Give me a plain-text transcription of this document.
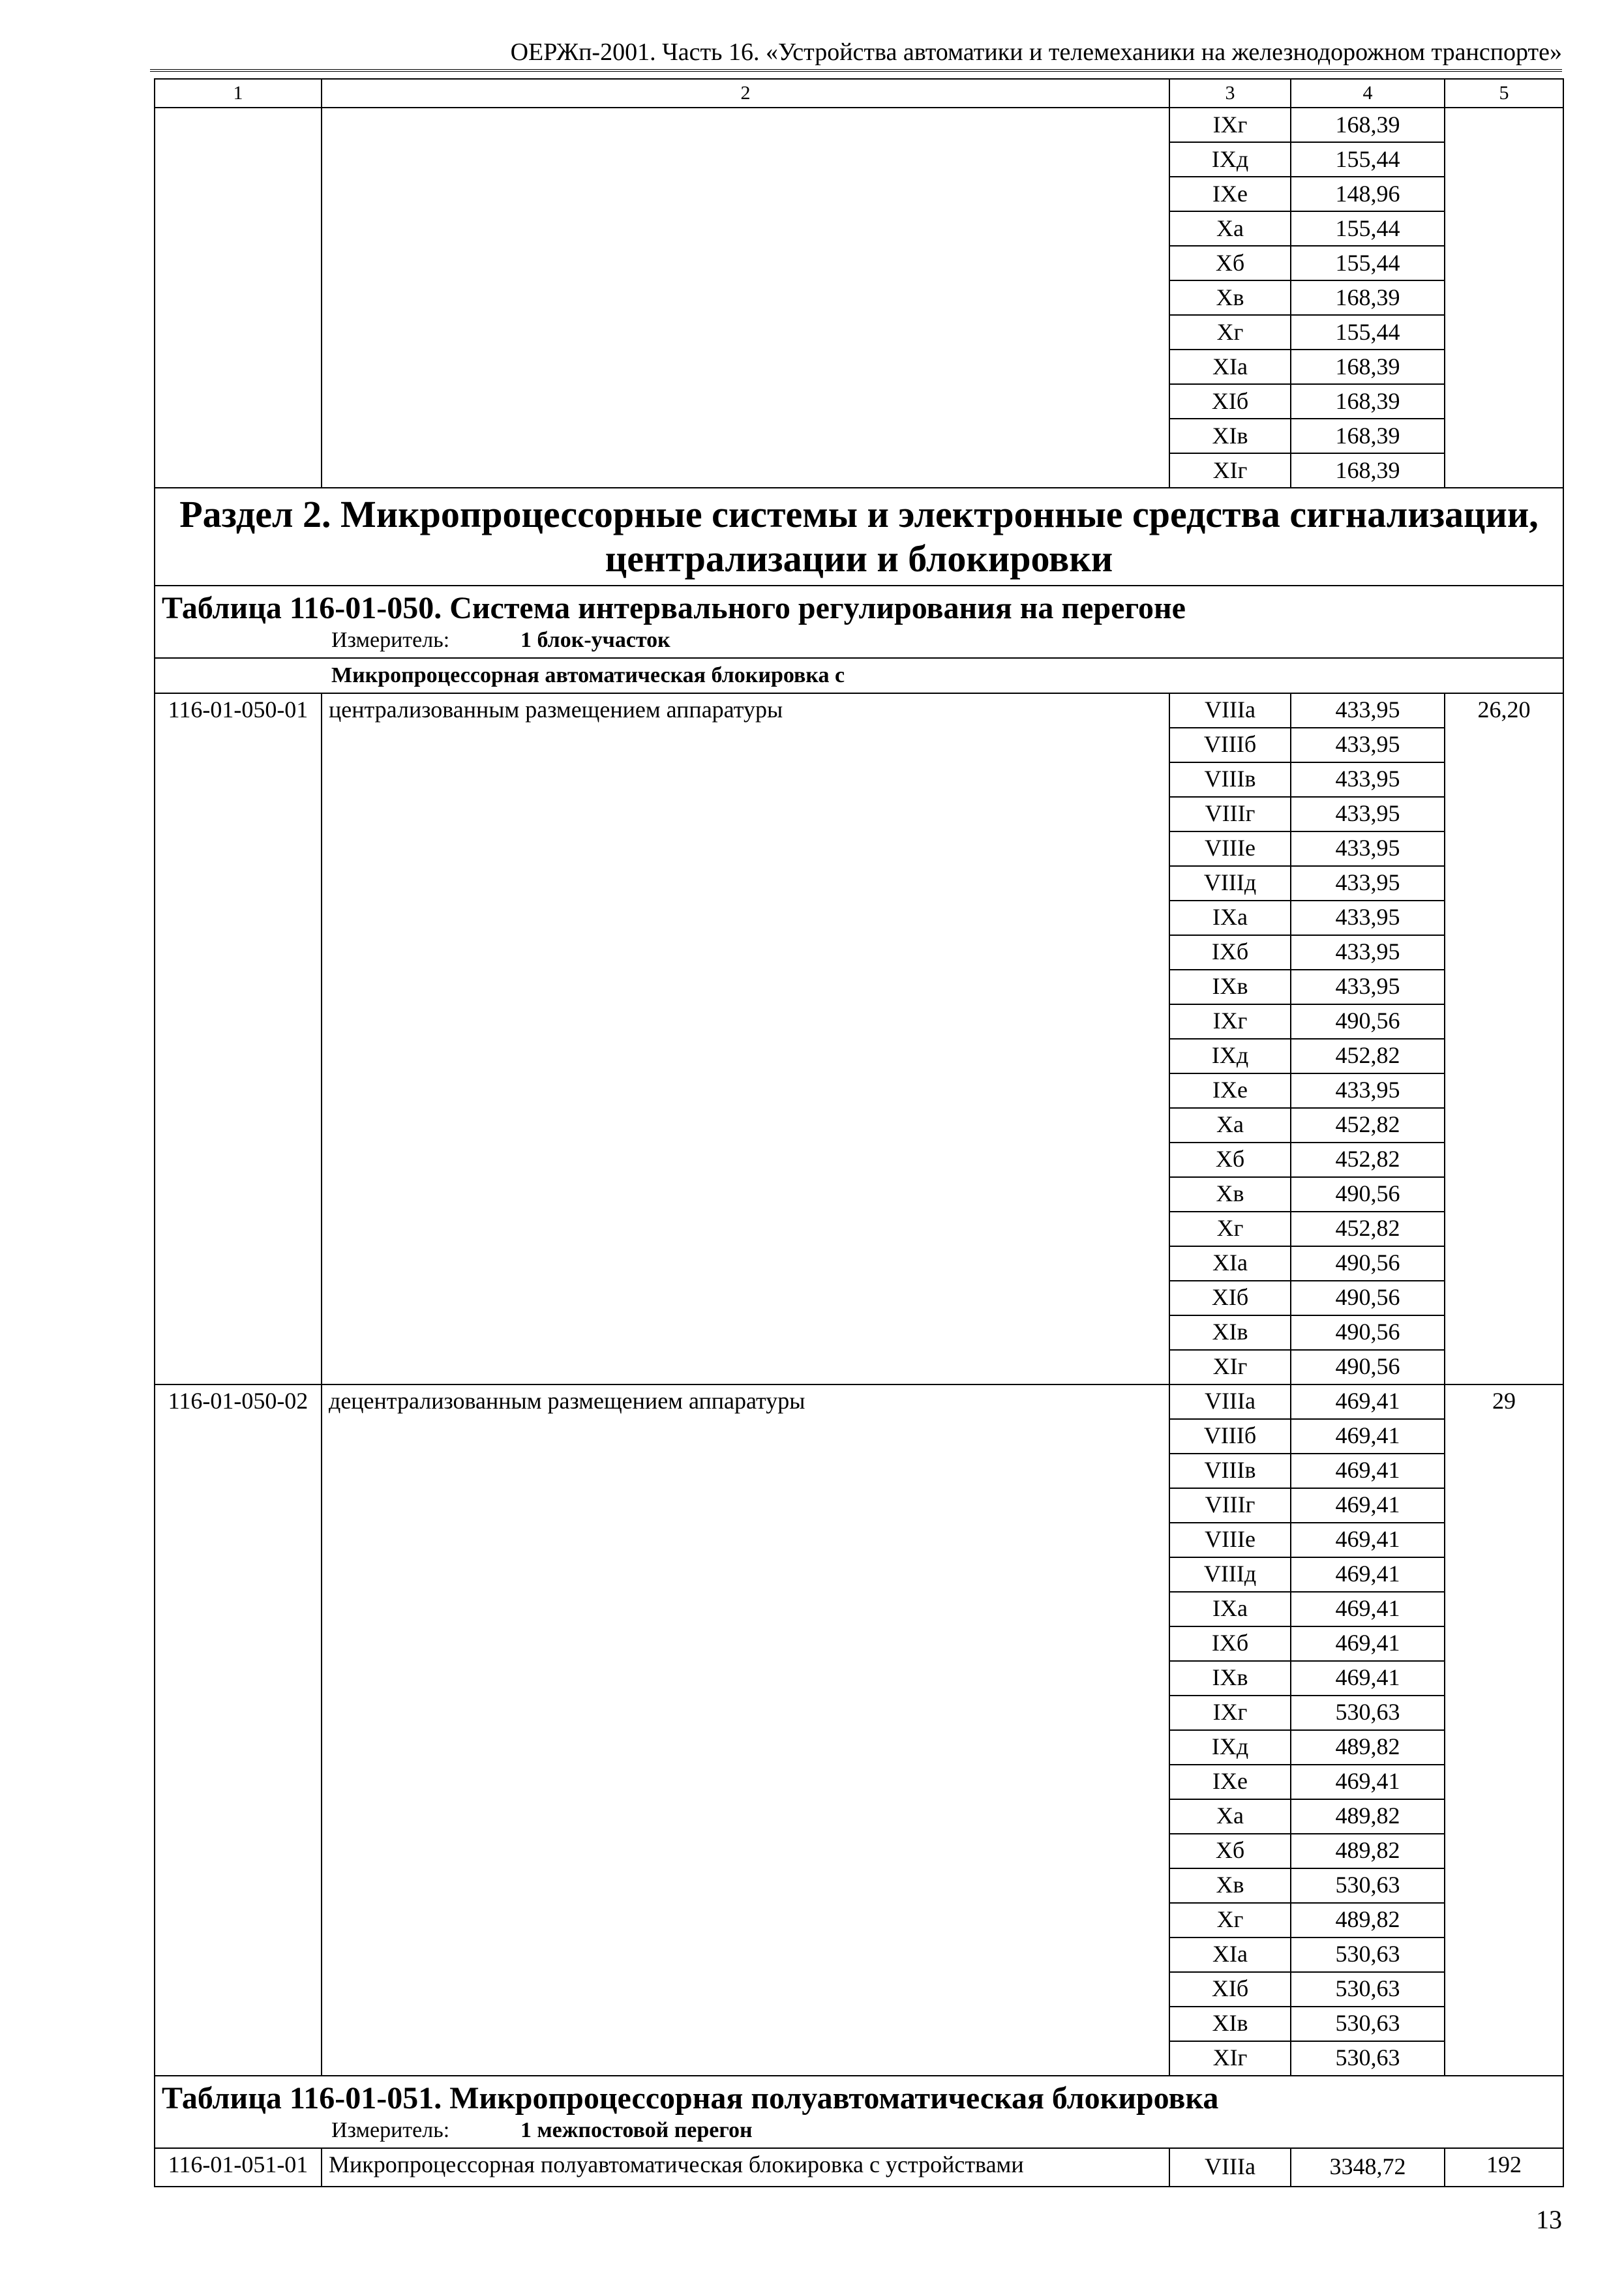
ОЕРЖп-2001. Часть 16. «Устройства автоматики и телемеханики на железнодорожном транспорте»
1	2	3	4	5
		IXг	168,39	
		IXд	155,44	
		IXе	148,96	
		Xa	155,44	
		Xб	155,44	
		Xв	168,39	
		Xг	155,44	
		XIa	168,39	
		XIб	168,39	
		XIв	168,39	
		XIг	168,39	
Раздел 2. Микропроцессорные системы и электронные средства сигнализации, централизации и блокировки				

Таблица 116-01-050. Система интервального регулирования на перегоне
Измеритель: 1 блок-участок				

Микропроцессорная автоматическая блокировка с				
116-01-050-01	централизованным размещением аппаратуры	VIIIa	433,95	26,20
		VIIIб	433,95	
		VIIIв	433,95	
		VIIIг	433,95	
		VIIIе	433,95	
		VIIIд	433,95	
		IXa	433,95	
		IXб	433,95	
		IXв	433,95	
		IXг	490,56	
		IXд	452,82	
		IXе	433,95	
		Xa	452,82	
		Xб	452,82	
		Xв	490,56	
		Xг	452,82	
		XIa	490,56	
		XIб	490,56	
		XIв	490,56	
		XIг	490,56	
116-01-050-02	децентрализованным размещением аппаратуры	VIIIa	469,41	29
		VIIIб	469,41	
		VIIIв	469,41	
		VIIIг	469,41	
		VIIIе	469,41	
		VIIIд	469,41	
		IXa	469,41	
		IXб	469,41	
		IXв	469,41	
		IXг	530,63	
		IXд	489,82	
		IXе	469,41	
		Xa	489,82	
		Xб	489,82	
		Xв	530,63	
		Xг	489,82	
		XIa	530,63	
		XIб	530,63	
		XIв	530,63	
		XIг	530,63	

Таблица 116-01-051. Микропроцессорная полуавтоматическая блокировка
Измеритель: 1 межпостовой перегон				

116-01-051-01	Микропроцессорная полуавтоматическая блокировка с устройствами	VIIIa	3348,72	192
13
